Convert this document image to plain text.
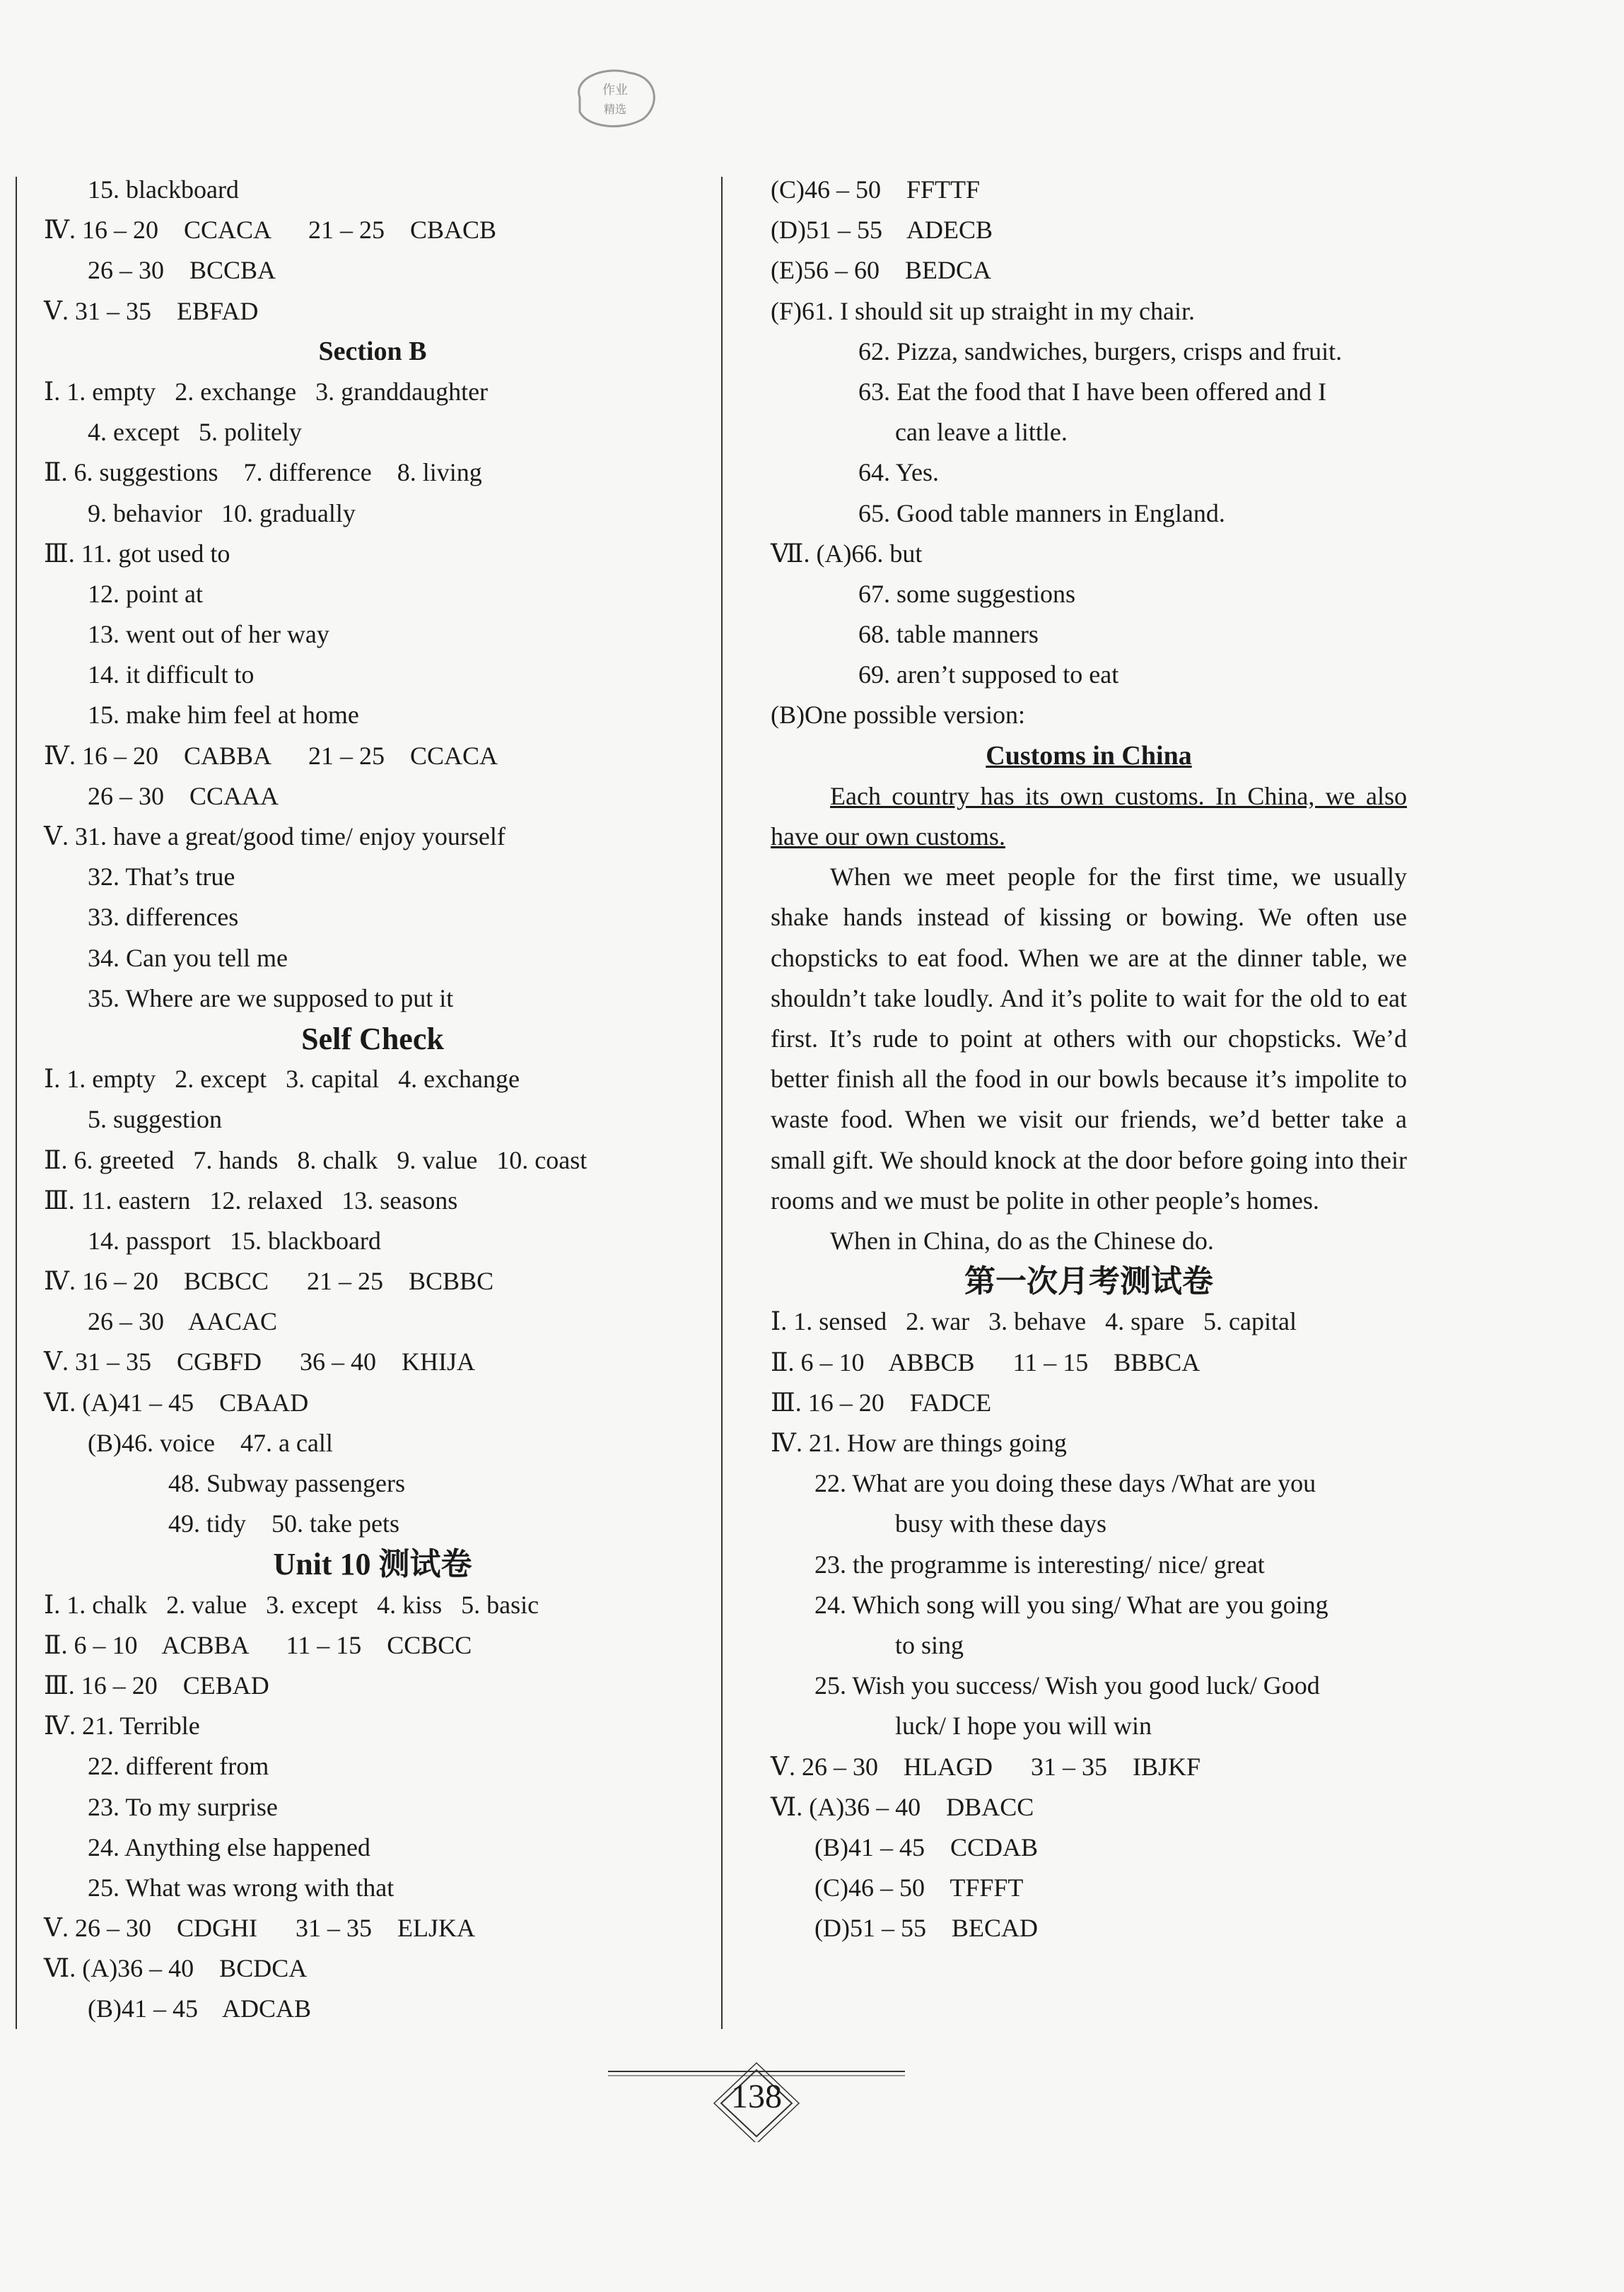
作业
精选
15. blackboard
Ⅳ. 16 – 20    CCACA      21 – 25    CBACB
26 – 30    BCCBA
Ⅴ. 31 – 35    EBFAD
Section B
Ⅰ. 1. empty   2. exchange   3. granddaughter
4. except   5. politely
Ⅱ. 6. suggestions    7. difference    8. living
9. behavior   10. gradually
Ⅲ. 11. got used to
12. point at
13. went out of her way
14. it difficult to
15. make him feel at home
Ⅳ. 16 – 20    CABBA      21 – 25    CCACA
26 – 30    CCAAA
Ⅴ. 31. have a great/good time/ enjoy yourself
32. That’s true
33. differences
34. Can you tell me
35. Where are we supposed to put it
Self Check
Ⅰ. 1. empty   2. except   3. capital   4. exchange
5. suggestion
Ⅱ. 6. greeted   7. hands   8. chalk   9. value   10. coast
Ⅲ. 11. eastern   12. relaxed   13. seasons
14. passport   15. blackboard
Ⅳ. 16 – 20    BCBCC      21 – 25    BCBBC
26 – 30    AACAC
Ⅴ. 31 – 35    CGBFD      36 – 40    KHIJA
Ⅵ. (A)41 – 45    CBAAD
(B)46. voice    47. a call
48. Subway passengers
49. tidy    50. take pets
Unit 10 测试卷
Ⅰ. 1. chalk   2. value   3. except   4. kiss   5. basic
Ⅱ. 6 – 10    ACBBA      11 – 15    CCBCC
Ⅲ. 16 – 20    CEBAD
Ⅳ. 21. Terrible
22. different from
23. To my surprise
24. Anything else happened
25. What was wrong with that
Ⅴ. 26 – 30    CDGHI      31 – 35    ELJKA
Ⅵ. (A)36 – 40    BCDCA
(B)41 – 45    ADCAB
(C)46 – 50    FFTTF
(D)51 – 55    ADECB
(E)56 – 60    BEDCA
(F)61. I should sit up straight in my chair.
62. Pizza, sandwiches, burgers, crisps and fruit.
63. Eat the food that I have been offered and I
can leave a little.
64. Yes.
65. Good table manners in England.
Ⅶ. (A)66. but
67. some suggestions
68. table manners
69. aren’t supposed to eat
(B)One possible version:
Customs in China
Each country has its own customs. In China, we also have our own customs.
When we meet people for the first time, we usually shake hands instead of kissing or bowing. We often use chopsticks to eat food. When we are at the dinner table, we shouldn’t take loudly. And it’s polite to wait for the old to eat first. It’s rude to point at others with our chopsticks. We’d better finish all the food in our bowls because it’s impolite to waste food. When we visit our friends, we’d better take a small gift. We should knock at the door before going into their rooms and we must be polite in other people’s homes.
When in China, do as the Chinese do.
第一次月考测试卷
Ⅰ. 1. sensed   2. war   3. behave   4. spare   5. capital
Ⅱ. 6 – 10    ABBCB      11 – 15    BBBCA
Ⅲ. 16 – 20    FADCE
Ⅳ. 21. How are things going
22. What are you doing these days /What are you
busy with these days
23. the programme is interesting/ nice/ great
24. Which song will you sing/ What are you going
to sing
25. Wish you success/ Wish you good luck/ Good
luck/ I hope you will win
Ⅴ. 26 – 30    HLAGD      31 – 35    IBJKF
Ⅵ. (A)36 – 40    DBACC
(B)41 – 45    CCDAB
(C)46 – 50    TFFFT
(D)51 – 55    BECAD
138
